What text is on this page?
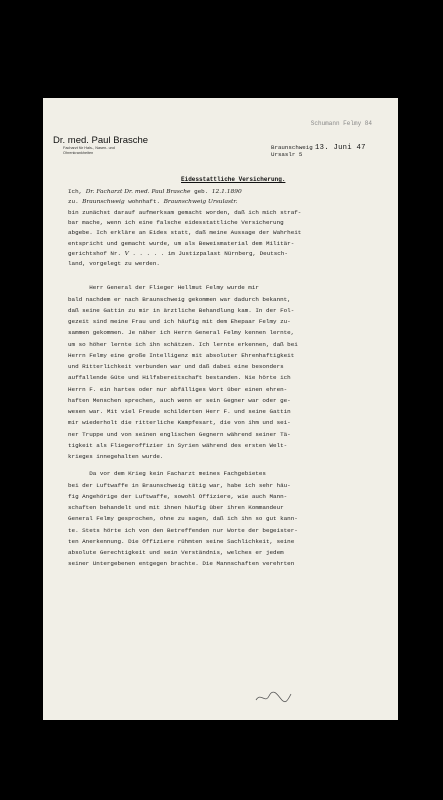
Schumann Felmy 84
Dr. med. Paul Brasche
Facharzt für Hals-, Nasen- und Ohrenkrankheiten
Braunschweig
Ursaslr 5
13. Juni 47
Eidesstattliche Versicherung.
Ich, Dr. Facharzt Dr. med. Paul Brasche geb. 12.1.1890
zu. Braunschweig wohnhaft. Braunschweig Ursulastr.
bin zunächst darauf aufmerksam gemacht worden, daß ich mich straf-
bar mache, wenn ich eine falsche eidesstattliche Versicherung
abgebe. Ich erkläre an Eides statt, daß meine Aussage der Wahrheit
entspricht und gemacht wurde, um als Beweismaterial dem Militär-
gerichtshof Nr. V . . . . . im Justizpalast Nürnberg, Deutsch-
land, vorgelegt zu werden.
Herr General der Flieger Hellmut Felmy wurde mir
bald nachdem er nach Braunschweig gekommen war dadurch bekannt,
daß seine Gattin zu mir in ärztliche Behandlung kam. In der Fol-
gezeit sind meine Frau und ich häufig mit dem Ehepaar Felmy zu-
sammen gekommen. Je näher ich Herrn General Felmy kennen lernte,
um so höher lernte ich ihn schätzen. Ich lernte erkennen, daß bei
Herrn Felmy eine große Intelligenz mit absoluter Ehrenhaftigkeit
und Ritterlichkeit verbunden war und daß dabei eine besonders
auffallende Güte und Hilfsbereitschaft bestanden. Nie hörte ich
Herrn F. ein hartes oder nur abfälliges Wort über einen ehren-
haften Menschen sprechen, auch wenn er sein Gegner war oder ge-
wesen war. Mit viel Freude schilderten Herr F. und seine Gattin
mir wiederholt die ritterliche Kampfesart, die von ihm und sei-
ner Truppe und von seinen englischen Gegnern während seiner Tä-
tigkeit als Fliegeroffizier in Syrien während des ersten Welt-
krieges innegehalten wurde.
Da vor dem Krieg kein Facharzt meines Fachgebietes
bei der Luftwaffe in Braunschweig tätig war, habe ich sehr häu-
fig Angehörige der Luftwaffe, sowohl Offiziere, wie auch Mann-
schaften behandelt und mit ihnen häufig über ihren Kommandeur
General Felmy gesprochen, ohne zu sagen, daß ich ihn so gut kann-
te. Stets hörte ich von den Betreffenden nur Worte der begeister-
ten Anerkennung. Die Offiziere rühmten seine Sachlichkeit, seine
absolute Gerechtigkeit und sein Verständnis, welches er jedem
seiner Untergebenen entgegen brachte. Die Mannschaften verehrten
